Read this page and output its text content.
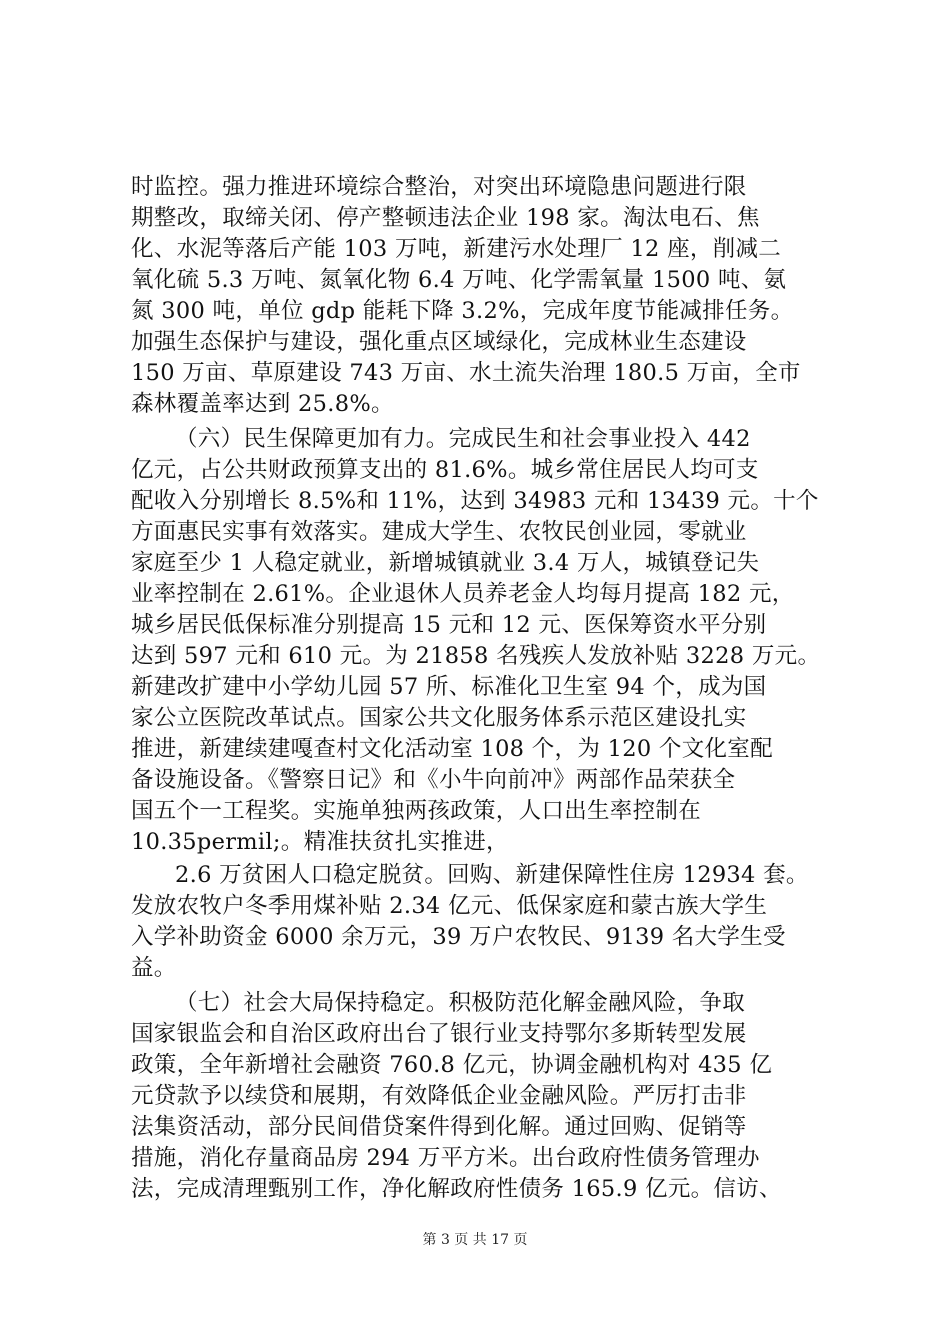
时监控。强力推进环境综合整治，对突出环境隐患问题进行限
期整改，取缔关闭、停产整顿违法企业 198 家。淘汰电石、焦
化、水泥等落后产能 103 万吨，新建污水处理厂 12 座，削减二
氧化硫 5.3 万吨、氮氧化物 6.4 万吨、化学需氧量 1500 吨、氨
氮 300 吨，单位 gdp 能耗下降 3.2%，完成年度节能减排任务。
加强生态保护与建设，强化重点区域绿化，完成林业生态建设
150 万亩、草原建设 743 万亩、水土流失治理 180.5 万亩，全市
森林覆盖率达到 25.8%。
（六）民生保障更加有力。完成民生和社会事业投入 442
亿元，占公共财政预算支出的 81.6%。城乡常住居民人均可支
配收入分别增长 8.5%和 11%，达到 34983 元和 13439 元。十个
方面惠民实事有效落实。建成大学生、农牧民创业园，零就业
家庭至少 1 人稳定就业，新增城镇就业 3.4 万人，城镇登记失
业率控制在 2.61%。企业退休人员养老金人均每月提高 182 元，
城乡居民低保标准分别提高 15 元和 12 元、医保筹资水平分别
达到 597 元和 610 元。为 21858 名残疾人发放补贴 3228 万元。
新建改扩建中小学幼儿园 57 所、标准化卫生室 94 个，成为国
家公立医院改革试点。国家公共文化服务体系示范区建设扎实
推进，新建续建嘎查村文化活动室 108 个，为 120 个文化室配
备设施设备。《警察日记》和《小牛向前冲》两部作品荣获全
国五个一工程奖。实施单独两孩政策，人口出生率控制在
10.35permil;。精准扶贫扎实推进，
2.6 万贫困人口稳定脱贫。回购、新建保障性住房 12934 套。
发放农牧户冬季用煤补贴 2.34 亿元、低保家庭和蒙古族大学生
入学补助资金 6000 余万元，39 万户农牧民、9139 名大学生受
益。
（七）社会大局保持稳定。积极防范化解金融风险，争取
国家银监会和自治区政府出台了银行业支持鄂尔多斯转型发展
政策，全年新增社会融资 760.8 亿元，协调金融机构对 435 亿
元贷款予以续贷和展期，有效降低企业金融风险。严厉打击非
法集资活动，部分民间借贷案件得到化解。通过回购、促销等
措施，消化存量商品房 294 万平方米。出台政府性债务管理办
法，完成清理甄别工作，净化解政府性债务 165.9 亿元。信访、
第 3 页 共 17 页
